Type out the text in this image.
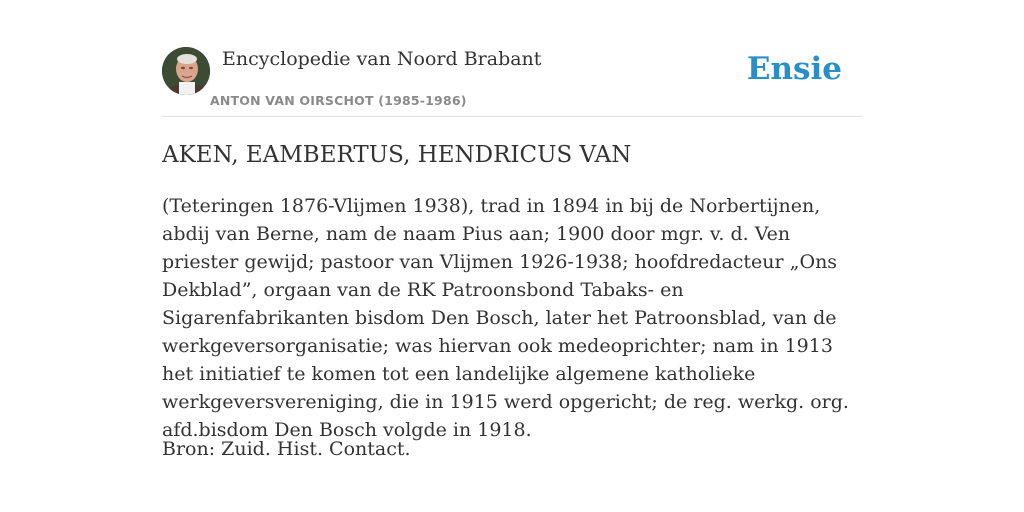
Encyclopedie van Noord Brabant
ANTON VAN OIRSCHOT (1985-1986)
Ensie
AKEN, EAMBERTUS, HENDRICUS VAN

(Teteringen 1876-Vlijmen 1938), trad in 1894 in bij de Norbertijnen, abdij van Berne, nam de naam Pius aan; 1900 door mgr. v. d. Ven priester gewijd; pastoor van Vlijmen 1926-1938; hoofdredacteur „Ons Dekblad”, orgaan van de RK Patroonsbond Tabaks- en Sigarenfabrikanten bisdom Den Bosch, later het Patroonsblad, van de werkgeversorganisatie; was hiervan ook medeoprichter; nam in 1913 het initiatief te komen tot een landelijke algemene katholieke werkgeversvereniging, die in 1915 werd opgericht; de reg. werkg. org. afd.bisdom Den Bosch volgde in 1918.

Bron: Zuid. Hist. Contact.
